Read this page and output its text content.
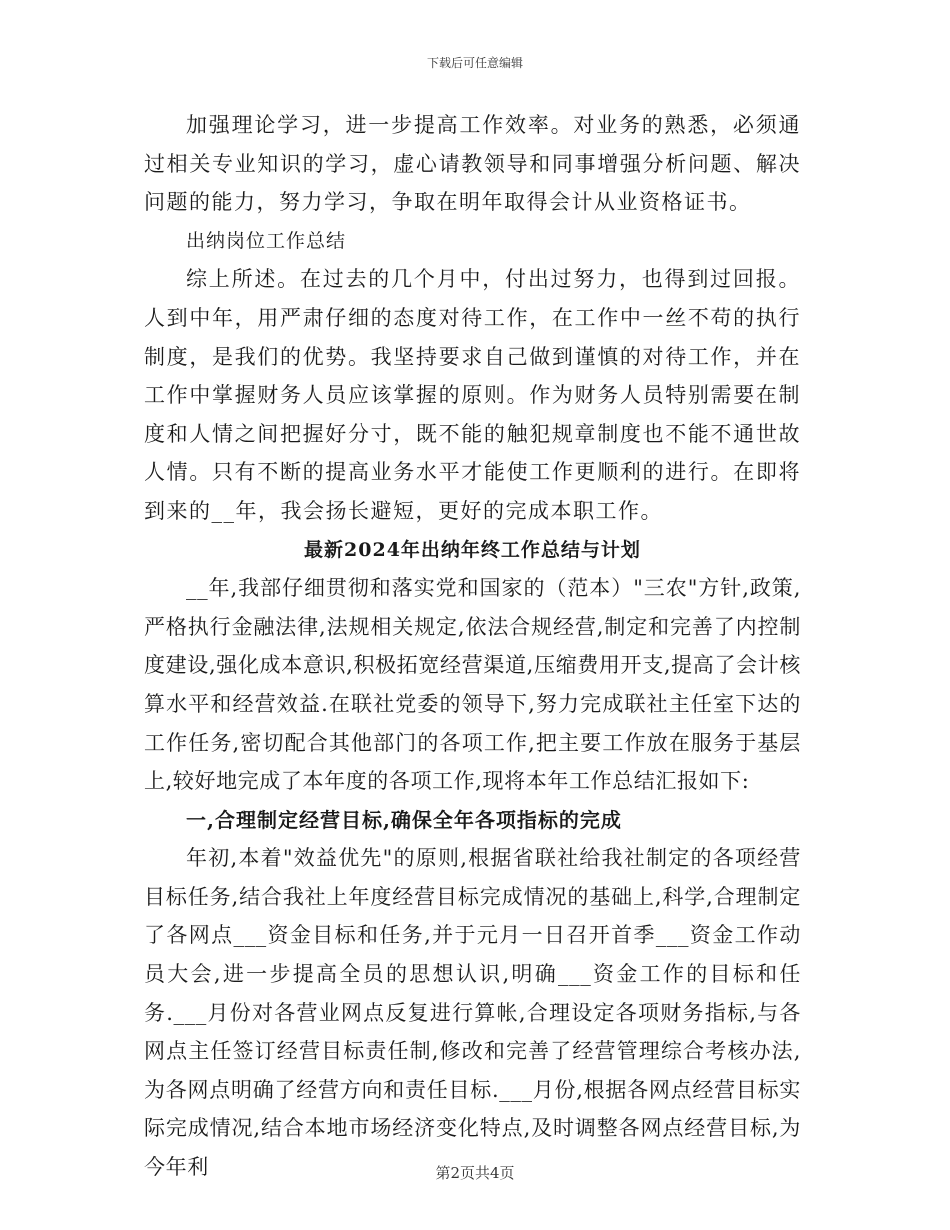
下载后可任意编辑

加强理论学习，进一步提高工作效率。对业务的熟悉，必须通过相关专业知识的学习，虚心请教领导和同事增强分析问题、解决问题的能力，努力学习，争取在明年取得会计从业资格证书。

出纳岗位工作总结

综上所述。在过去的几个月中，付出过努力，也得到过回报。人到中年，用严肃仔细的态度对待工作，在工作中一丝不苟的执行制度，是我们的优势。我坚持要求自己做到谨慎的对待工作，并在工作中掌握财务人员应该掌握的原则。作为财务人员特别需要在制度和人情之间把握好分寸，既不能的触犯规章制度也不能不通世故人情。只有不断的提高业务水平才能使工作更顺利的进行。在即将到来的__年，我会扬长避短，更好的完成本职工作。

最新2024年出纳年终工作总结与计划

__年,我部仔细贯彻和落实党和国家的（范本）"三农"方针,政策,严格执行金融法律,法规相关规定,依法合规经营,制定和完善了内控制度建设,强化成本意识,积极拓宽经营渠道,压缩费用开支,提高了会计核算水平和经营效益.在联社党委的领导下,努力完成联社主任室下达的工作任务,密切配合其他部门的各项工作,把主要工作放在服务于基层上,较好地完成了本年度的各项工作,现将本年工作总结汇报如下:

一,合理制定经营目标,确保全年各项指标的完成

年初,本着"效益优先"的原则,根据省联社给我社制定的各项经营目标任务,结合我社上年度经营目标完成情况的基础上,科学,合理制定了各网点___资金目标和任务,并于元月一日召开首季___资金工作动员大会,进一步提高全员的思想认识,明确___资金工作的目标和任务.___月份对各营业网点反复进行算帐,合理设定各项财务指标,与各网点主任签订经营目标责任制,修改和完善了经营管理综合考核办法,为各网点明确了经营方向和责任目标.___月份,根据各网点经营目标实际完成情况,结合本地市场经济变化特点,及时调整各网点经营目标,为今年利	第2页共4页
